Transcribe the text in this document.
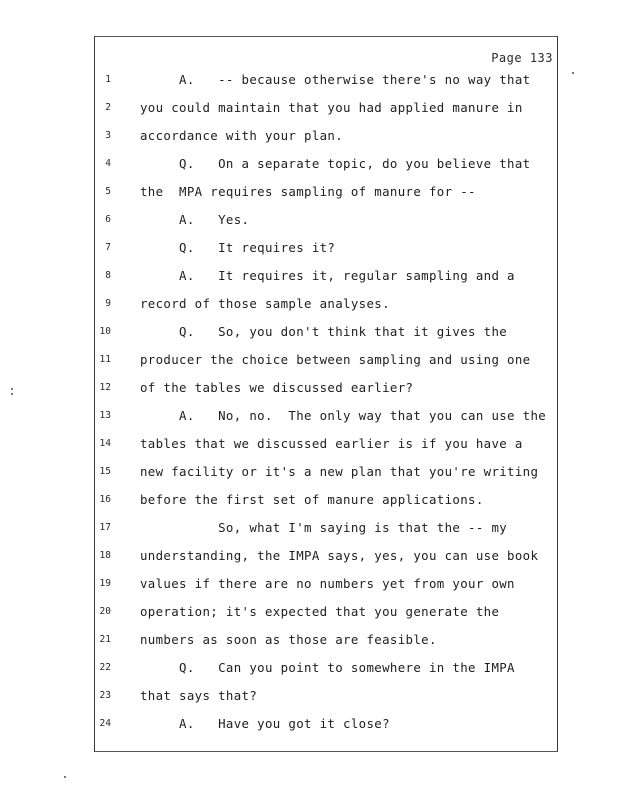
Page 133
1 A.   -- because otherwise there's no way that
2 you could maintain that you had applied manure in
3 accordance with your plan.
4 Q.   On a separate topic, do you believe that
5 the  MPA requires sampling of manure for --
6 A.   Yes.
7 Q.   It requires it?
8 A.   It requires it, regular sampling and a
9 record of those sample analyses.
10 Q.   So, you don't think that it gives the
11 producer the choice between sampling and using one
12 of the tables we discussed earlier?
13 A.   No, no.  The only way that you can use the
14 tables that we discussed earlier is if you have a
15 new facility or it's a new plan that you're writing
16 before the first set of manure applications.
17 So, what I'm saying is that the -- my
18 understanding, the IMPA says, yes, you can use book
19 values if there are no numbers yet from your own
20 operation; it's expected that you generate the
21 numbers as soon as those are feasible.
22 Q.   Can you point to somewhere in the IMPA
23 that says that?
24 A.   Have you got it close?
